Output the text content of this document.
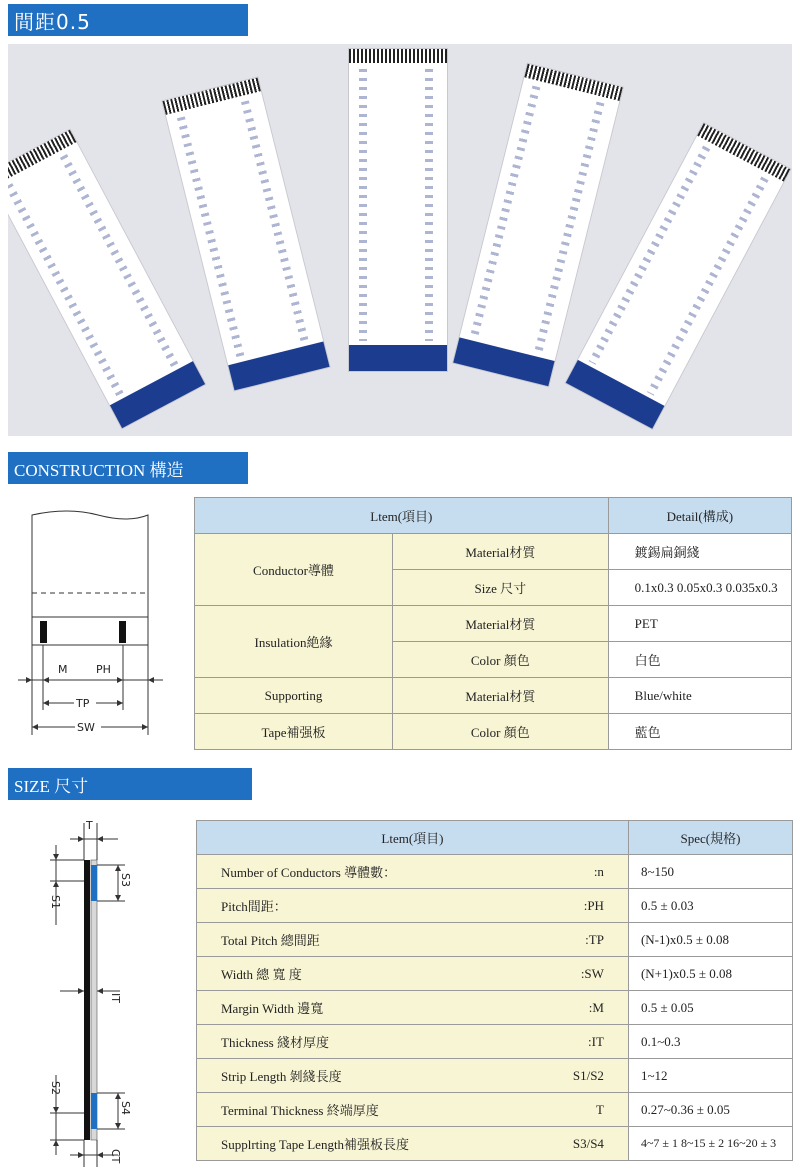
間距0.5
CONSTRUCTION 構造
M	PH
TP
SW
Ltem(項目)		Detail(構成)
Conductor導體	Material材質	鍍錫扁銅綫
	Size 尺寸	0.1x0.3 0.05x0.3 0.035x0.3
Insulation絶緣	Material材質	PET
	Color 顏色	白色
Supporting	Material材質	Blue/white
Tape補强板	Color 顏色	藍色
SIZE 尺寸
T
S3
S1
IT
S2
S4
CT
Ltem(項目)		Spec(規格)
Number of Conductors 導體數：	:n	8~150
Pitch間距：	:PH	0.5 ± 0.03
Total Pitch 總間距	:TP	(N-1)x0.5 ± 0.08
Width 總 寬 度	:SW	(N+1)x0.5 ± 0.08
Margin Width 邊寬	:M	0.5 ± 0.05
Thickness 綫材厚度	:IT	0.1~0.3
Strip Length 剝綫長度	S1/S2	1~12
Terminal Thickness 終端厚度	T	0.27~0.36 ± 0.05
Supplrting Tape Length補强板長度	S3/S4	4~7 ± 1 8~15 ± 2 16~20 ± 3
